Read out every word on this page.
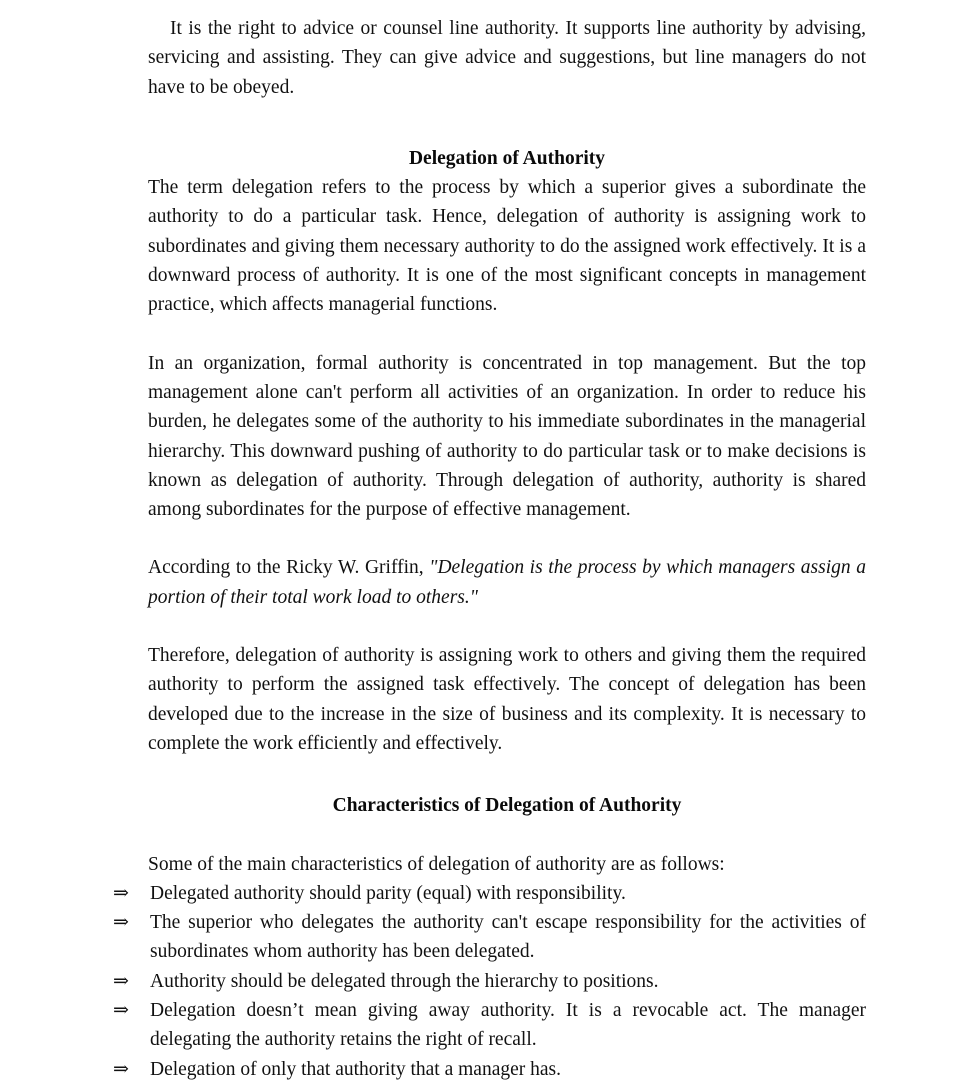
It is the right to advice or counsel line authority. It supports line authority by advising, servicing and assisting. They can give advice and suggestions, but line managers do not have to be obeyed.

Delegation of Authority

The term delegation refers to the process by which a superior gives a subordinate the authority to do a particular task. Hence, delegation of authority is assigning work to subordinates and giving them necessary authority to do the assigned work effectively. It is a downward process of authority. It is one of the most significant concepts in management practice, which affects managerial functions.

In an organization, formal authority is concentrated in top management. But the top management alone can't perform all activities of an organization. In order to reduce his burden, he delegates some of the authority to his immediate subordinates in the managerial hierarchy. This downward pushing of authority to do particular task or to make decisions is known as delegation of authority. Through delegation of authority, authority is shared among subordinates for the purpose of effective management.

According to the Ricky W. Griffin, "Delegation is the process by which managers assign a portion of their total work load to others."

Therefore, delegation of authority is assigning work to others and giving them the required authority to perform the assigned task effectively. The concept of delegation has been developed due to the increase in the size of business and its complexity. It is necessary to complete the work efficiently and effectively.

Characteristics of Delegation of Authority

Some of the main characteristics of delegation of authority are as follows:

⇒ Delegated authority should parity (equal) with responsibility.
⇒ The superior who delegates the authority can't escape responsibility for the activities of subordinates whom authority has been delegated.
⇒ Authority should be delegated through the hierarchy to positions.
⇒ Delegation doesn’t mean giving away authority. It is a revocable act. The manager delegating the authority retains the right of recall.
⇒ Delegation of only that authority that a manager has.
